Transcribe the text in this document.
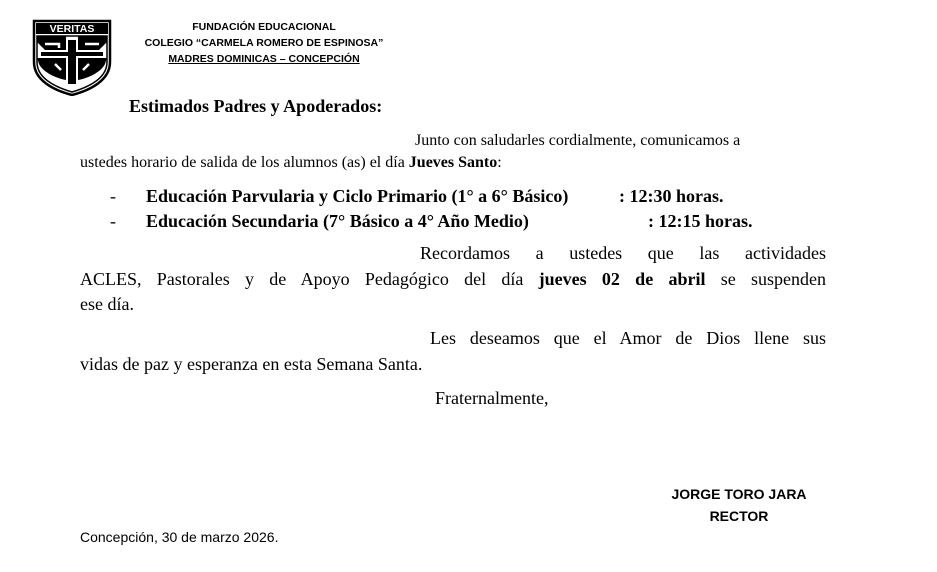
VERITAS	FUNDACIÓN EDUCACIONAL
COLEGIO “CARMELA ROMERO DE ESPINOSA”
MADRES DOMINICAS – CONCEPCIÓN
Estimados Padres y Apoderados:
Junto con saludarles cordialmente, comunicamos a
ustedes horario de salida de los alumnos (as) el día Jueves Santo:
- Educación Parvularia y Ciclo Primario (1° a 6° Básico)	: 12:30 horas.
- Educación Secundaria (7° Básico a 4° Año Medio)	: 12:15 horas.
Recordamos a ustedes que las actividades
ACLES, Pastorales y de Apoyo Pedagógico del día jueves 02 de abril se suspenden
ese día.
Les deseamos que el Amor de Dios llene sus
vidas de paz y esperanza en esta Semana Santa.
Fraternalmente,
JORGE TORO JARA
RECTOR
Concepción, 30 de marzo 2026.
